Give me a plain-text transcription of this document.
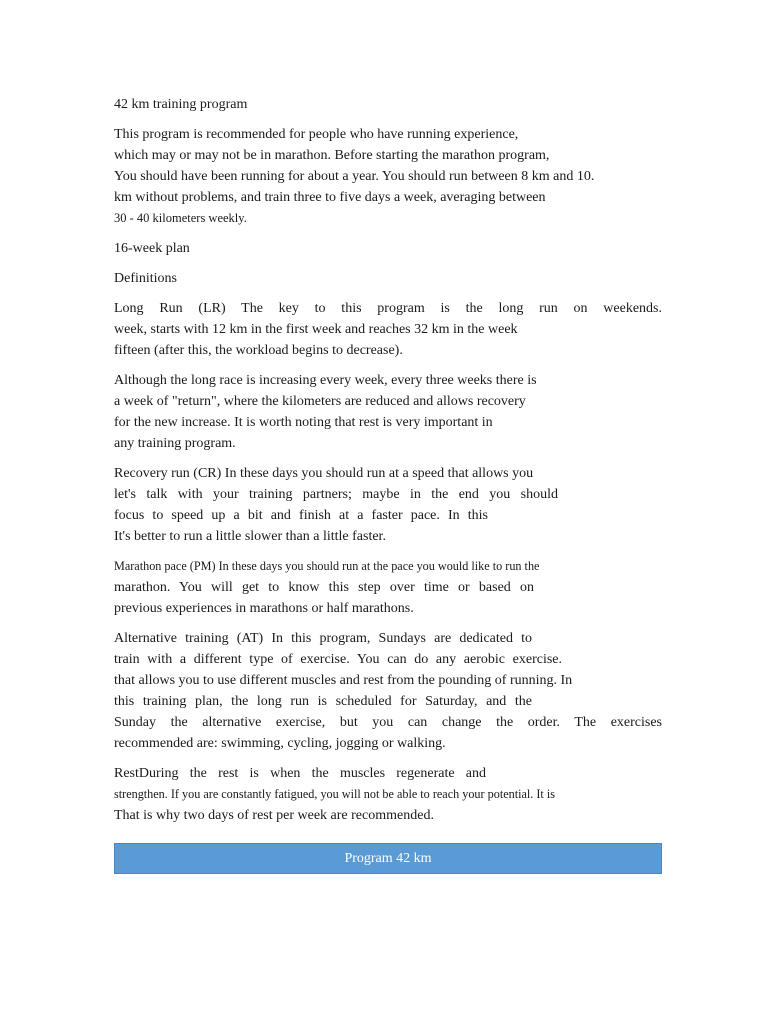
42 km training program
This program is recommended for people who have running experience,
which may or may not be in marathon. Before starting the marathon program,
You should have been running for about a year. You should run between 8 km and 10.
km without problems, and train three to five days a week, averaging between
30 - 40 kilometers weekly.
16-week plan
Definitions
Long Run (LR) The key to this program is the long run on weekends.
week, starts with 12 km in the first week and reaches 32 km in the week
fifteen (after this, the workload begins to decrease).
Although the long race is increasing every week, every three weeks there is
a week of "return", where the kilometers are reduced and allows recovery
for the new increase. It is worth noting that rest is very important in
any training program.
Recovery run (CR) In these days you should run at a speed that allows you
let's talk with your training partners; maybe in the end you should
focus to speed up a bit and finish at a faster pace. In this
It's better to run a little slower than a little faster.
Marathon pace (PM) In these days you should run at the pace you would like to run the
marathon. You will get to know this step over time or based on
previous experiences in marathons or half marathons.
Alternative training (AT) In this program, Sundays are dedicated to
train with a different type of exercise. You can do any aerobic exercise.
that allows you to use different muscles and rest from the pounding of running. In
this training plan, the long run is scheduled for Saturday, and the
Sunday the alternative exercise, but you can change the order. The exercises
recommended are: swimming, cycling, jogging or walking.
RestDuring the rest is when the muscles regenerate and
strengthen. If you are constantly fatigued, you will not be able to reach your potential. It is
That is why two days of rest per week are recommended.
Program 42 km
